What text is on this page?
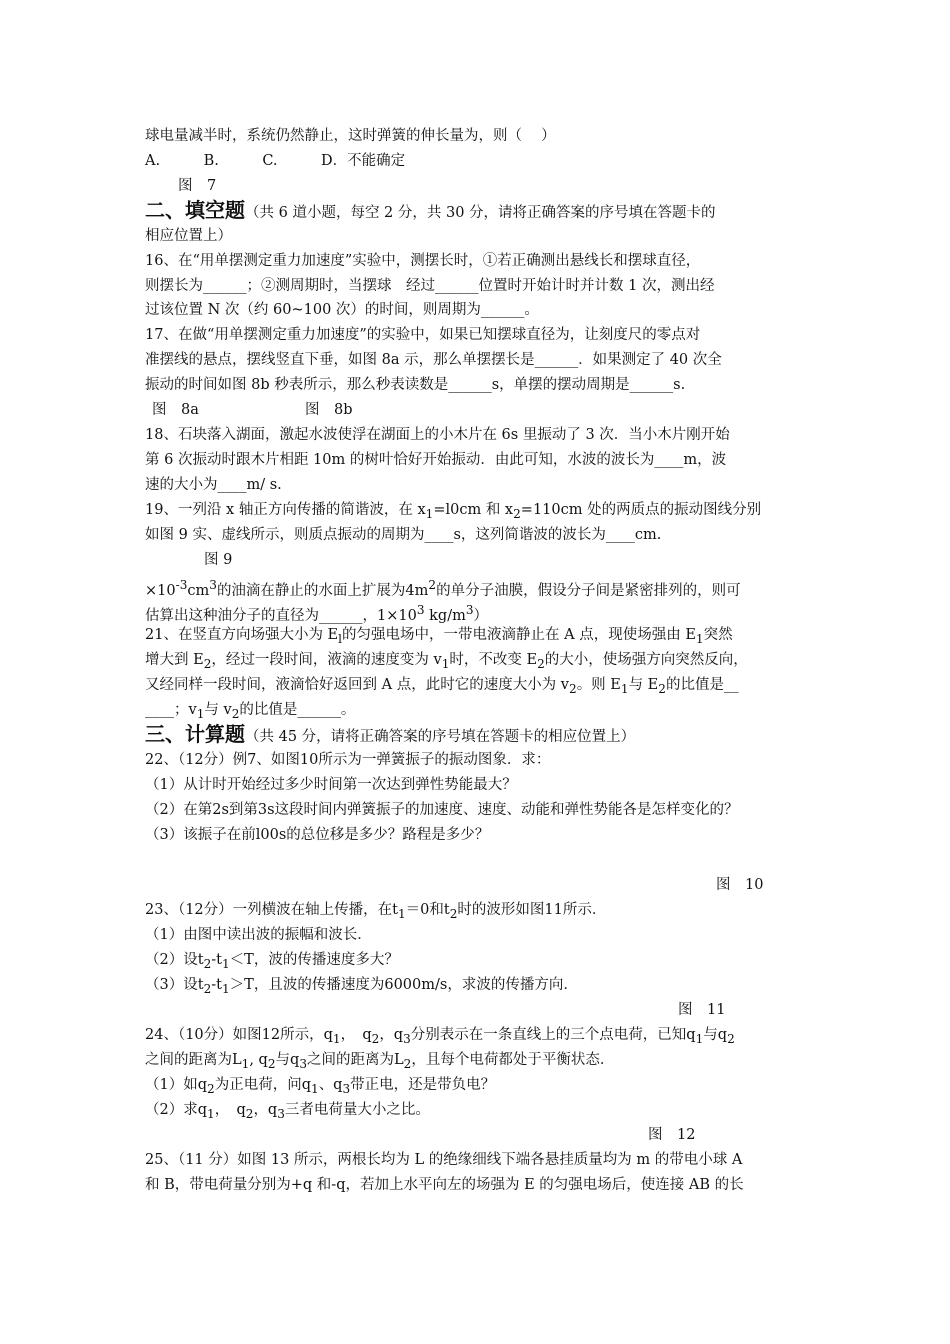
球电量减半时，系统仍然静止，这时弹簧的伸长量为，则（　 ）
A.　　　B.　　　C.　　　D．不能确定
图　7
二、填空题（共 6 道小题，每空 2 分，共 30 分，请将正确答案的序号填在答题卡的
相应位置上）
16、在“用单摆测定重力加速度”实验中，测摆长时，①若正确测出悬线长和摆球直径，
则摆长为______；②测周期时，当摆球　经过______位置时开始计时并计数 1 次，测出经
过该位置 N 次（约 60~100 次）的时间，则周期为______。
17、在做“用单摆测定重力加速度”的实验中，如果已知摆球直径为，让刻度尺的零点对
准摆线的悬点，摆线竖直下垂，如图 8a 示，那么单摆摆长是______．如果测定了 40 次全
振动的时间如图 8b 秒表所示，那么秒表读数是______s，单摆的摆动周期是______s.
图　8a	图　8b
18、石块落入湖面，激起水波使浮在湖面上的小木片在 6s 里振动了 3 次．当小木片刚开始
第 6 次振动时跟木片相距 10m 的树叶恰好开始振动．由此可知，水波的波长为____m，波
速的大小为____m/ s.
19、一列沿 x 轴正方向传播的简谐波，在 $x_1=l0cm$ 和 $x_2=110cm$ 处的两质点的振动图线分别
如图 9 实、虚线所示，则质点振动的周期为____s，这列简谐波的波长为____cm.
图 9
$\times 10^{-3}cm^3$的油滴在静止的水面上扩展为$4m^2$的单分子油膜，假设分子间是紧密排列的，则可
估算出这种油分子的直径为______，$1\times 10^3$ $kg/m^3$）
21、在竖直方向场强大小为 $E_l$的匀强电场中，一带电液滴静止在 A 点，现使场强由 $E_1$突然
增大到 $E_2$，经过一段时间，液滴的速度变为 $v_1$时，不改变 $E_2$的大小，使场强方向突然反向，
又经同样一段时间，液滴恰好返回到 A 点，此时它的速度大小为 $v_2$。则 $E_1$与 $E_2$的比值是__
____；$v_1$与 $v_2$的比值是______。
三、计算题（共 45 分，请将正确答案的序号填在答题卡的相应位置上）
22、（12分）例7、如图10所示为一弹簧振子的振动图象．求：
（1）从计时开始经过多少时间第一次达到弹性势能最大？
（2）在第2s到第3s这段时间内弹簧振子的加速度、速度、动能和弹性势能各是怎样变化的？
（3）该振子在前l00s的总位移是多少？路程是多少？
图　10
23、（12分）一列横波在轴上传播，在$t_1=0$和$t_2$时的波形如图11所示．
（1）由图中读出波的振幅和波长．
（2）设$t_2-t_1<T$，波的传播速度多大？
（3）设$t_2-t_1>T$，且波的传播速度为6000m/s，求波的传播方向．
图　11
24、（10分）如图12所示，$q_1$，　$q_2$，$q_3$分别表示在一条直线上的三个点电荷，已知$q_1$与$q_2$
之间的距离为$L_1$, $q_2$与$q_3$之间的距离为$L_2$，且每个电荷都处于平衡状态．
（1）如$q_2$为正电荷，问$q_1$、$q_3$带正电，还是带负电？
（2）求$q_1$，　$q_2$，$q_3$三者电荷量大小之比。
图　12
25、（11 分）如图 13 所示，两根长均为 L 的绝缘细线下端各悬挂质量均为 m 的带电小球 A
和 B，带电荷量分别为+q 和-q，若加上水平向左的场强为 E 的匀强电场后，使连接 AB 的长
